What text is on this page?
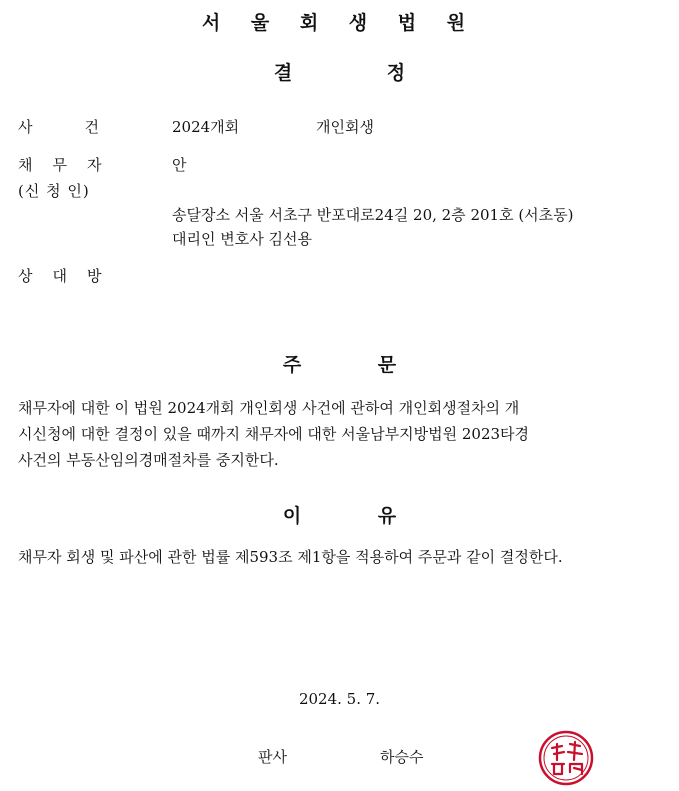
서 울 회 생 법 원
결 정
사건 2024개회	개인회생
채무자	안
(신 청 인)
송달장소 서울 서초구 반포대로24길 20, 2층 201호 (서초동)
대리인 변호사 김선용
상대방
주 문
채무자에 대한 이 법원 2024개회 개인회생 사건에 관하여 개인회생절차의 개
시신청에 대한 결정이 있을 때까지 채무자에 대한 서울남부지방법원 2023타경
사건의 부동산임의경매절차를 중지한다.
이 유
채무자 회생 및 파산에 관한 법률 제593조 제1항을 적용하여 주문과 같이 결정한다.
2024. 5. 7.
판사	하승수
